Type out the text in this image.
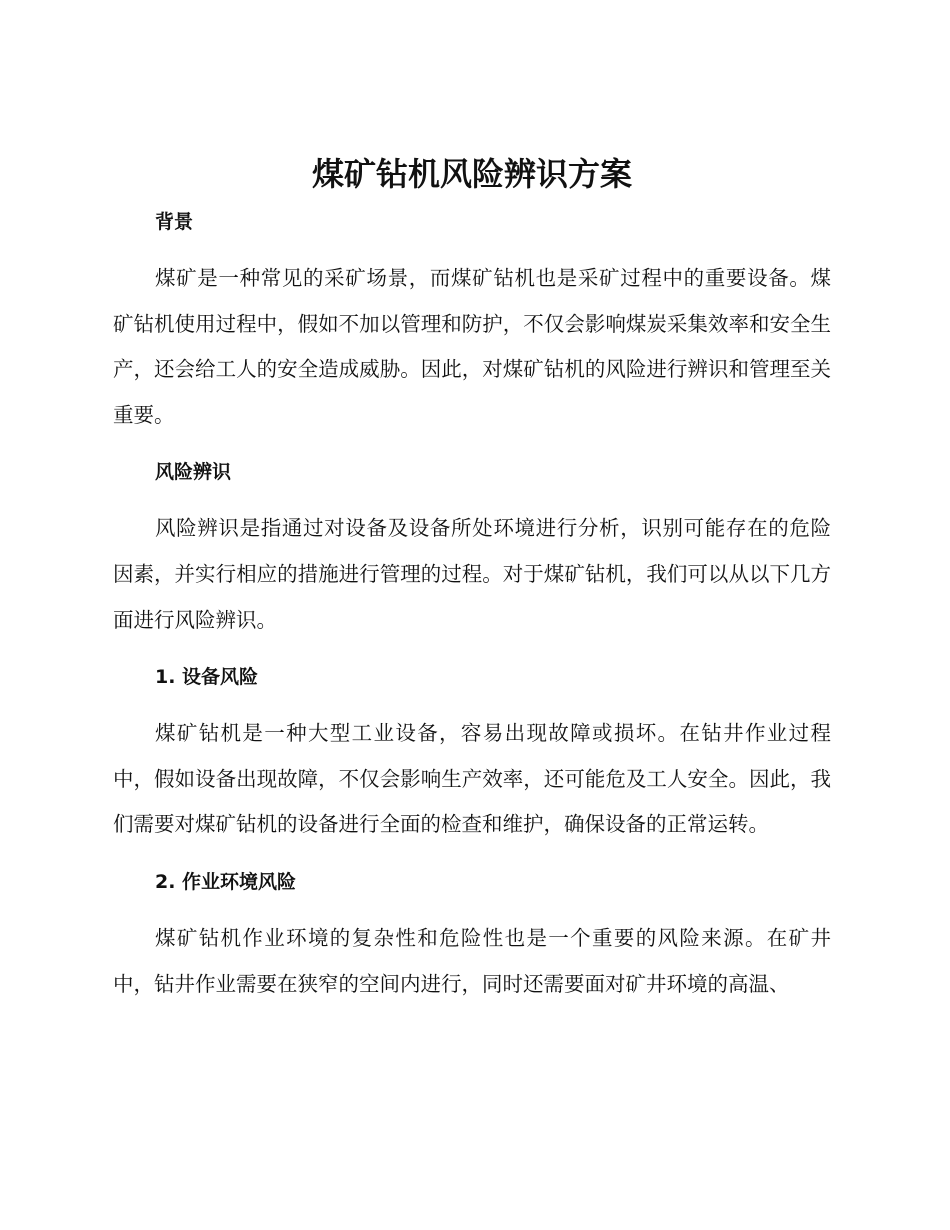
煤矿钻机风险辨识方案
背景

煤矿是一种常见的采矿场景，而煤矿钻机也是采矿过程中的重要设备。煤矿钻机使用过程中，假如不加以管理和防护，不仅会影响煤炭采集效率和安全生产，还会给工人的安全造成威胁。因此，对煤矿钻机的风险进行辨识和管理至关重要。

风险辨识

风险辨识是指通过对设备及设备所处环境进行分析，识别可能存在的危险因素，并实行相应的措施进行管理的过程。对于煤矿钻机，我们可以从以下几方面进行风险辨识。

1. 设备风险

煤矿钻机是一种大型工业设备，容易出现故障或损坏。在钻井作业过程中，假如设备出现故障，不仅会影响生产效率，还可能危及工人安全。因此，我们需要对煤矿钻机的设备进行全面的检查和维护，确保设备的正常运转。

2. 作业环境风险

煤矿钻机作业环境的复杂性和危险性也是一个重要的风险来源。在矿井中，钻井作业需要在狭窄的空间内进行，同时还需要面对矿井环境的高温、
